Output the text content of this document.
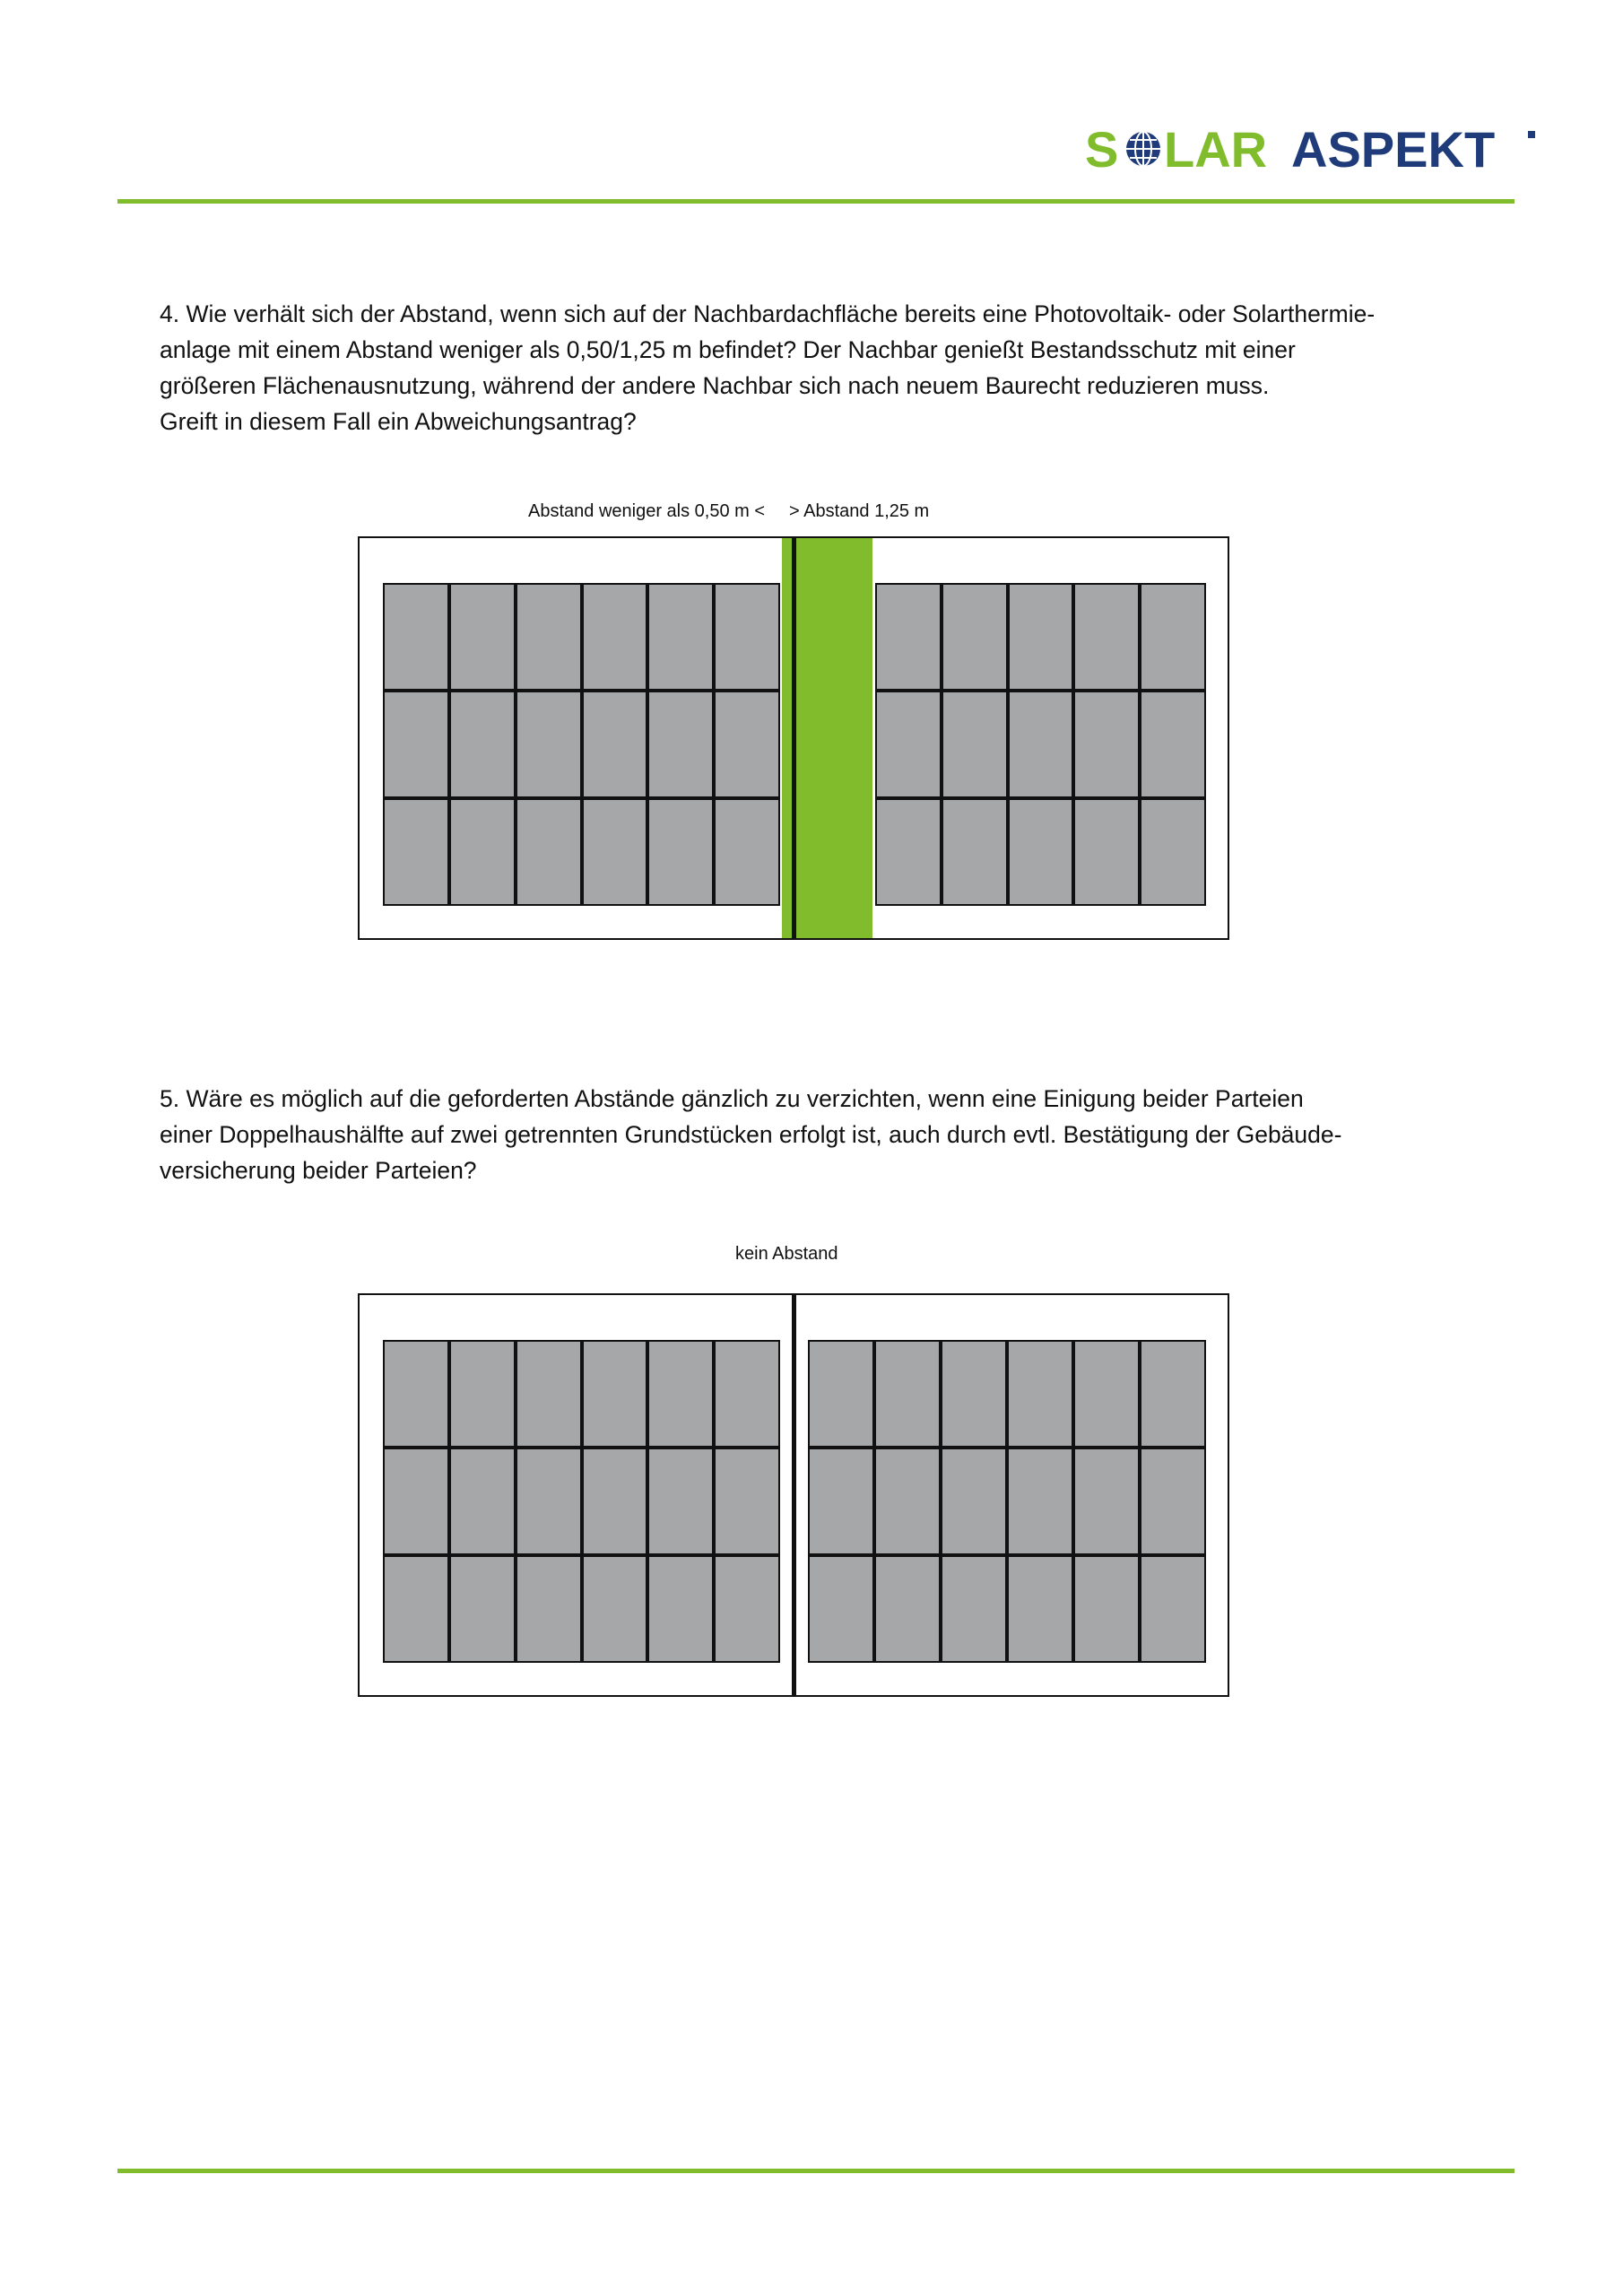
S LAR ASPEKT

4. Wie verhält sich der Abstand, wenn sich auf der Nachbardachfläche bereits eine Photovoltaik- oder Solarthermie-
anlage mit einem Abstand weniger als 0,50/1,25 m befindet? Der Nachbar genießt Bestandsschutz mit einer
größeren Flächenausnutzung, während der andere Nachbar sich nach neuem Baurecht reduzieren muss.
Greift in diesem Fall ein Abweichungsantrag?

Abstand weniger als 0,50 m < > Abstand 1,25 m

5. Wäre es möglich auf die geforderten Abstände gänzlich zu verzichten, wenn eine Einigung beider Parteien
einer Doppelhaushälfte auf zwei getrennten Grundstücken erfolgt ist, auch durch evtl. Bestätigung der Gebäude-
versicherung beider Parteien?

kein Abstand
